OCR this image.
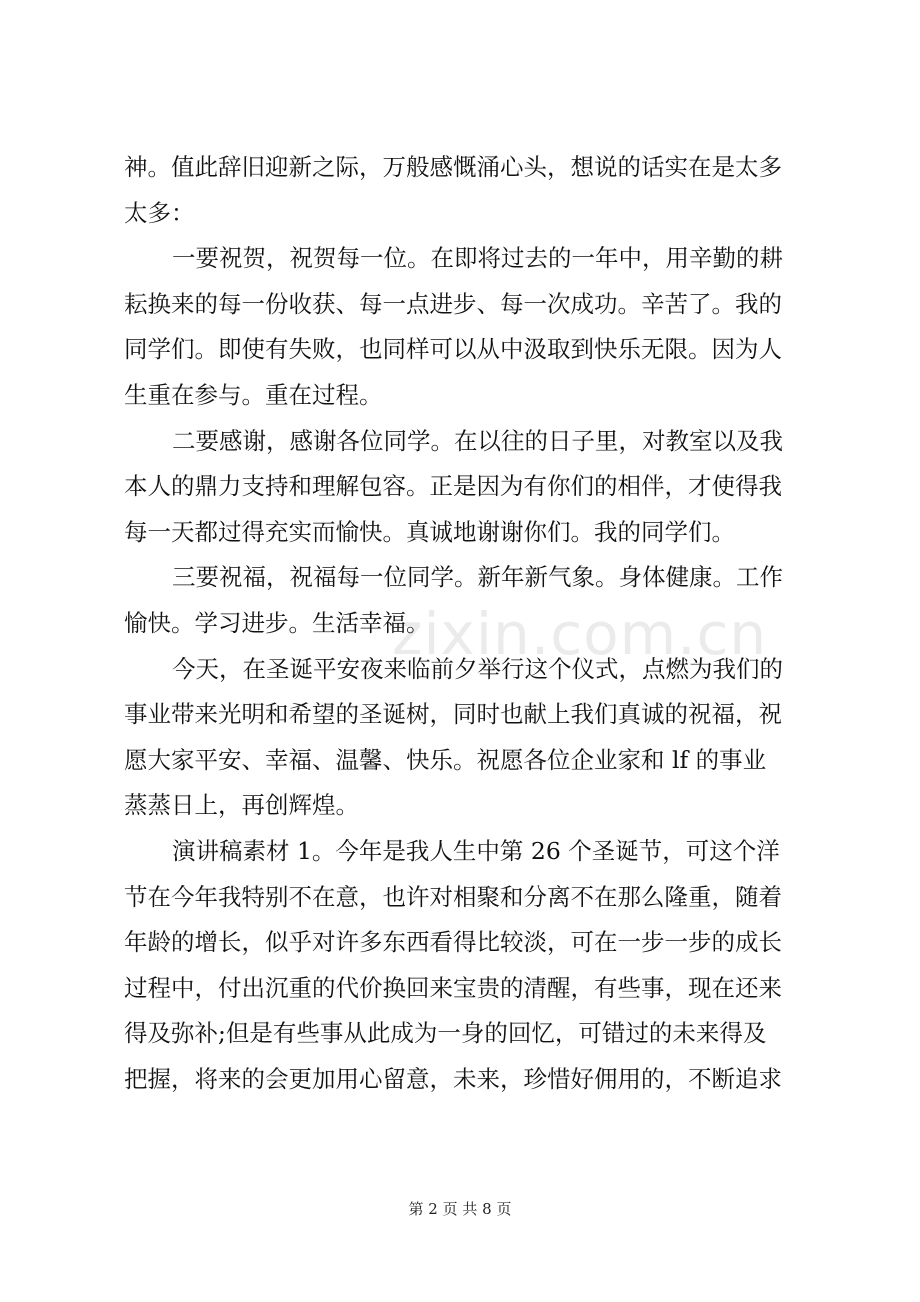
zixin.com.cn
神。值此辞旧迎新之际，万般感慨涌心头，想说的话实在是太多
太多：
一要祝贺，祝贺每一位。在即将过去的一年中，用辛勤的耕
耘换来的每一份收获、每一点进步、每一次成功。辛苦了。我的
同学们。即使有失败，也同样可以从中汲取到快乐无限。因为人
生重在参与。重在过程。
二要感谢，感谢各位同学。在以往的日子里，对教室以及我
本人的鼎力支持和理解包容。正是因为有你们的相伴，才使得我
每一天都过得充实而愉快。真诚地谢谢你们。我的同学们。
三要祝福，祝福每一位同学。新年新气象。身体健康。工作
愉快。学习进步。生活幸福。
今天，在圣诞平安夜来临前夕举行这个仪式，点燃为我们的
事业带来光明和希望的圣诞树，同时也献上我们真诚的祝福，祝
愿大家平安、幸福、温馨、快乐。祝愿各位企业家和 lf 的事业
蒸蒸日上，再创辉煌。
演讲稿素材 1。今年是我人生中第 26 个圣诞节，可这个洋
节在今年我特别不在意，也许对相聚和分离不在那么隆重，随着
年龄的增长，似乎对许多东西看得比较淡，可在一步一步的成长
过程中，付出沉重的代价换回来宝贵的清醒，有些事，现在还来
得及弥补;但是有些事从此成为一身的回忆，可错过的未来得及
把握，将来的会更加用心留意，未来，珍惜好佣用的，不断追求
第 2 页 共 8 页
